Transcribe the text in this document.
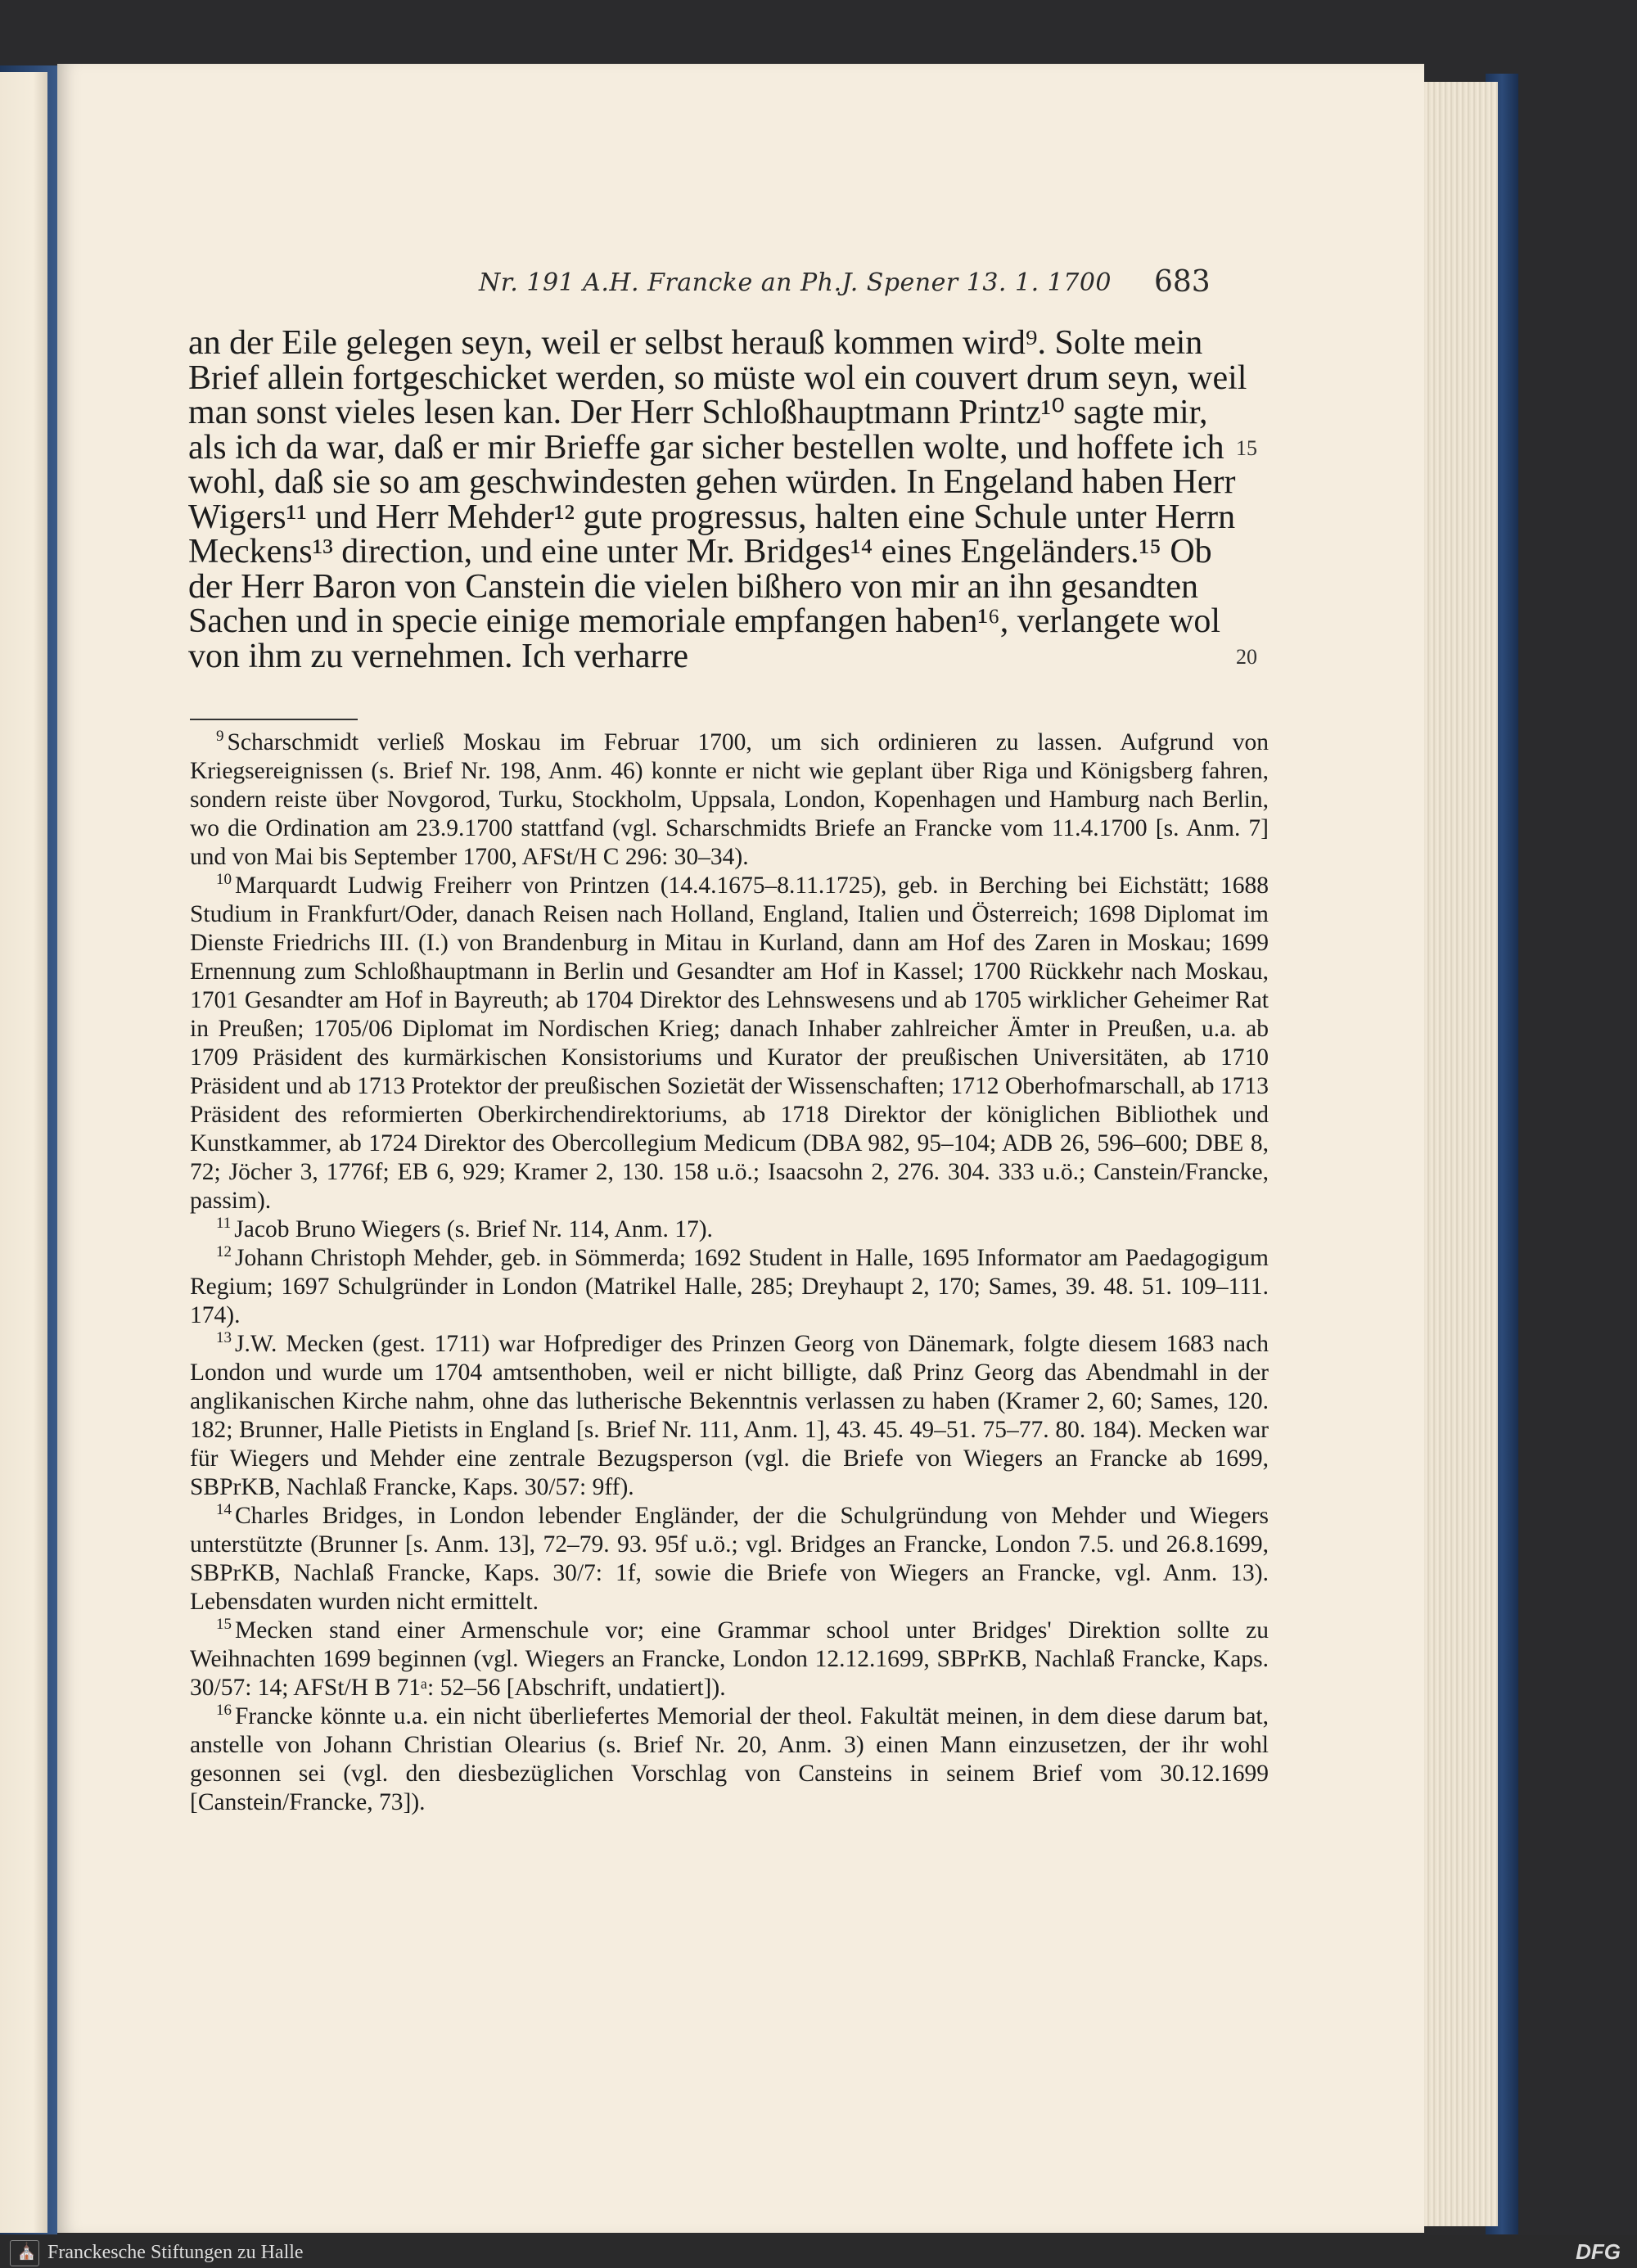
Nr. 191 A.H. Francke an Ph.J. Spener 13. 1. 1700 683

an der Eile gelegen seyn, weil er selbst herauß kommen wird⁹. Solte mein

Brief allein fortgeschicket werden, so müste wol ein couvert drum seyn, weil

man sonst vieles lesen kan. Der Herr Schloßhauptmann Printz¹⁰ sagte mir,

als ich da war, daß er mir Brieffe gar sicher bestellen wolte, und hoffete ich

wohl, daß sie so am geschwindesten gehen würden. In Engeland haben Herr

Wigers¹¹ und Herr Mehder¹² gute progressus, halten eine Schule unter Herrn

Meckens¹³ direction, und eine unter Mr. Bridges¹⁴ eines Engeländers.¹⁵ Ob

der Herr Baron von Canstein die vielen bißhero von mir an ihn gesandten

Sachen und in specie einige memoriale empfangen haben¹⁶, verlangete wol

von ihm zu vernehmen. Ich verharre

15
20

$^9$ Scharschmidt verließ Moskau im Februar 1700, um sich ordinieren zu lassen. Aufgrund von Kriegsereignissen (s. Brief Nr. 198, Anm. 46) konnte er nicht wie geplant über Riga und Königsberg fahren, sondern reiste über Novgorod, Turku, Stockholm, Uppsala, London, Kopenhagen und Hamburg nach Berlin, wo die Ordination am 23.9.1700 stattfand (vgl. Scharschmidts Briefe an Francke vom 11.4.1700 [s. Anm. 7] und von Mai bis September 1700, AFSt/H C 296: 30–34).

$^{10}$ Marquardt Ludwig Freiherr von Printzen (14.4.1675–8.11.1725), geb. in Berching bei Eichstätt; 1688 Studium in Frankfurt/Oder, danach Reisen nach Holland, England, Italien und Österreich; 1698 Diplomat im Dienste Friedrichs III. (I.) von Brandenburg in Mitau in Kurland, dann am Hof des Zaren in Moskau; 1699 Ernennung zum Schloßhauptmann in Berlin und Gesandter am Hof in Kassel; 1700 Rückkehr nach Moskau, 1701 Gesandter am Hof in Bayreuth; ab 1704 Direktor des Lehnswesens und ab 1705 wirklicher Geheimer Rat in Preußen; 1705/06 Diplomat im Nordischen Krieg; danach Inhaber zahlreicher Ämter in Preußen, u.a. ab 1709 Präsident des kurmärkischen Konsistoriums und Kurator der preußischen Universitäten, ab 1710 Präsident und ab 1713 Protektor der preußischen Sozietät der Wissenschaften; 1712 Oberhofmarschall, ab 1713 Präsident des reformierten Oberkirchendirektoriums, ab 1718 Direktor der königlichen Bibliothek und Kunstkammer, ab 1724 Direktor des Obercollegium Medicum (DBA 982, 95–104; ADB 26, 596–600; DBE 8, 72; Jöcher 3, 1776f; EB 6, 929; Kramer 2, 130. 158 u.ö.; Isaacsohn 2, 276. 304. 333 u.ö.; Canstein/Francke, passim).

$^{11}$ Jacob Bruno Wiegers (s. Brief Nr. 114, Anm. 17).

$^{12}$ Johann Christoph Mehder, geb. in Sömmerda; 1692 Student in Halle, 1695 Informator am Paedagogigum Regium; 1697 Schulgründer in London (Matrikel Halle, 285; Dreyhaupt 2, 170; Sames, 39. 48. 51. 109–111. 174).

$^{13}$ J.W. Mecken (gest. 1711) war Hofprediger des Prinzen Georg von Dänemark, folgte diesem 1683 nach London und wurde um 1704 amtsenthoben, weil er nicht billigte, daß Prinz Georg das Abendmahl in der anglikanischen Kirche nahm, ohne das lutherische Bekenntnis verlassen zu haben (Kramer 2, 60; Sames, 120. 182; Brunner, Halle Pietists in England [s. Brief Nr. 111, Anm. 1], 43. 45. 49–51. 75–77. 80. 184). Mecken war für Wiegers und Mehder eine zentrale Bezugsperson (vgl. die Briefe von Wiegers an Francke ab 1699, SBPrKB, Nachlaß Francke, Kaps. 30/57: 9ff).

$^{14}$ Charles Bridges, in London lebender Engländer, der die Schulgründung von Mehder und Wiegers unterstützte (Brunner [s. Anm. 13], 72–79. 93. 95f u.ö.; vgl. Bridges an Francke, London 7.5. und 26.8.1699, SBPrKB, Nachlaß Francke, Kaps. 30/7: 1f, sowie die Briefe von Wiegers an Francke, vgl. Anm. 13). Lebensdaten wurden nicht ermittelt.

$^{15}$ Mecken stand einer Armenschule vor; eine Grammar school unter Bridges' Direktion sollte zu Weihnachten 1699 beginnen (vgl. Wiegers an Francke, London 12.12.1699, SBPrKB, Nachlaß Francke, Kaps. 30/57: 14; AFSt/H B 71ᵃ: 52–56 [Abschrift, undatiert]).

$^{16}$ Francke könnte u.a. ein nicht überliefertes Memorial der theol. Fakultät meinen, in dem diese darum bat, anstelle von Johann Christian Olearius (s. Brief Nr. 20, Anm. 3) einen Mann einzusetzen, der ihr wohl gesonnen sei (vgl. den diesbezüglichen Vorschlag von Cansteins in seinem Brief vom 30.12.1699 [Canstein/Francke, 73]).

⛪
Franckesche Stiftungen zu Halle	DFG
